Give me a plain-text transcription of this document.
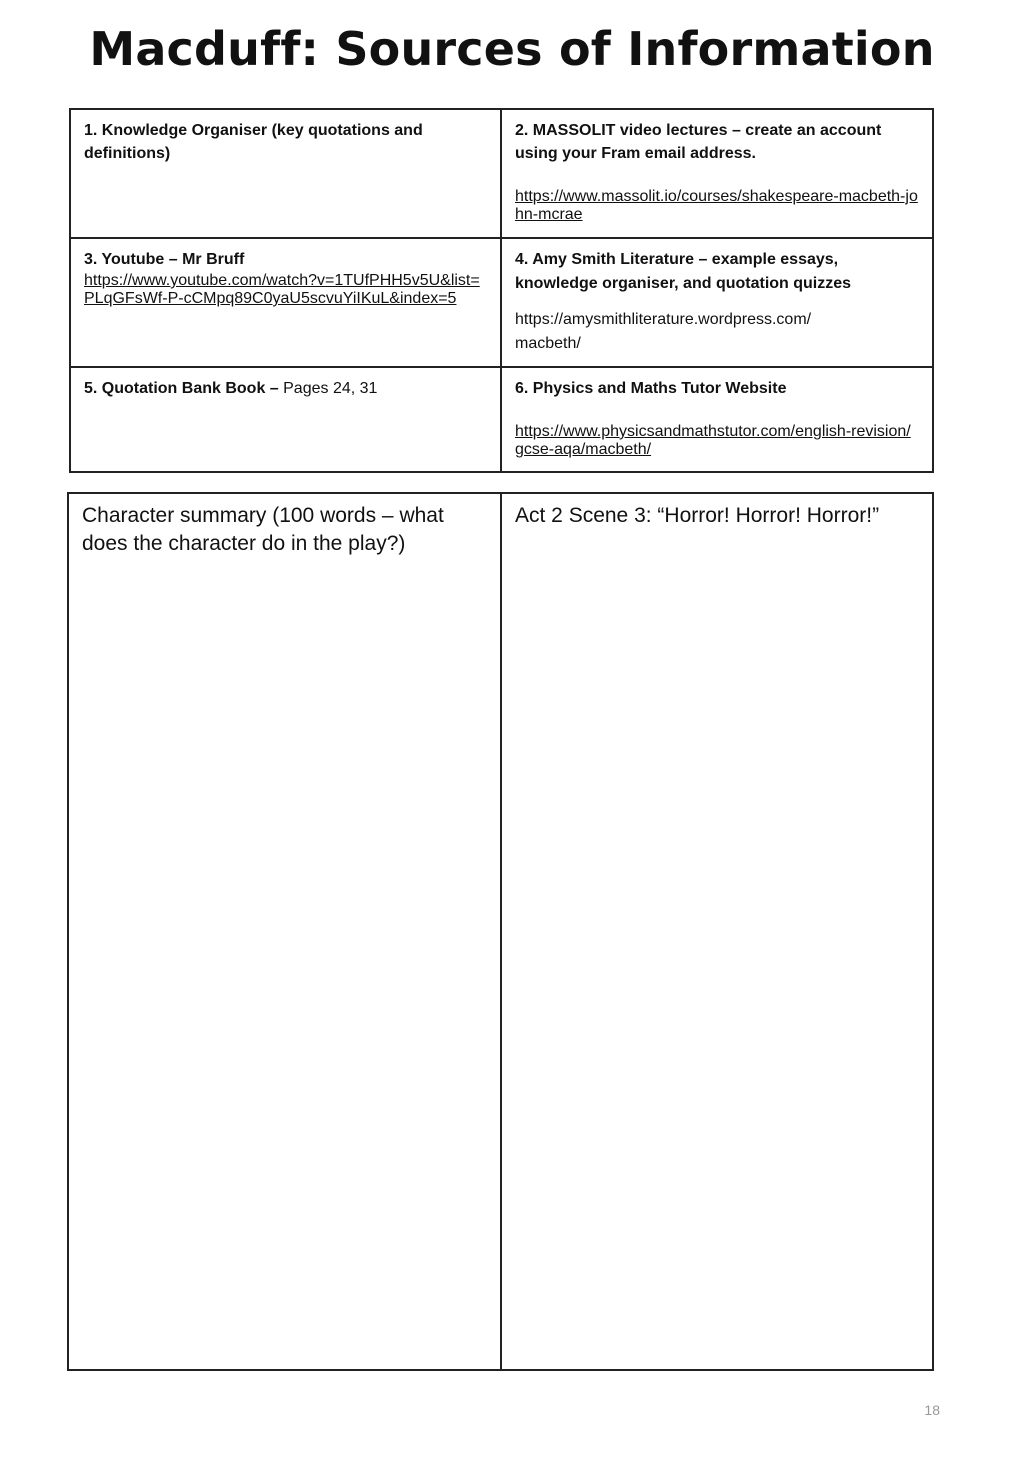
Macduff: Sources of Information
1. Knowledge Organiser (key quotations and definitions)
2. MASSOLIT video lectures – create an account using your Fram email address.
https://www.massolit.io/courses/shakespeare-macbeth-john-mcrae
3. Youtube – Mr Bruff
https://www.youtube.com/watch?v=1TUfPHH5v5U&list=PLqGFsWf-P-cCMpq89C0yaU5scvuYiIKuL&index=5
4. Amy Smith Literature – example essays, knowledge organiser, and quotation quizzes
https://amysmithliterature.wordpress.com/
macbeth/
5. Quotation Bank Book – Pages 24, 31	6. Physics and Maths Tutor Website
https://www.physicsandmathstutor.com/english-revision/gcse-aqa/macbeth/
Character summary (100 words – what does the character do in the play?)
Act 2 Scene 3: “Horror! Horror! Horror!”
18
